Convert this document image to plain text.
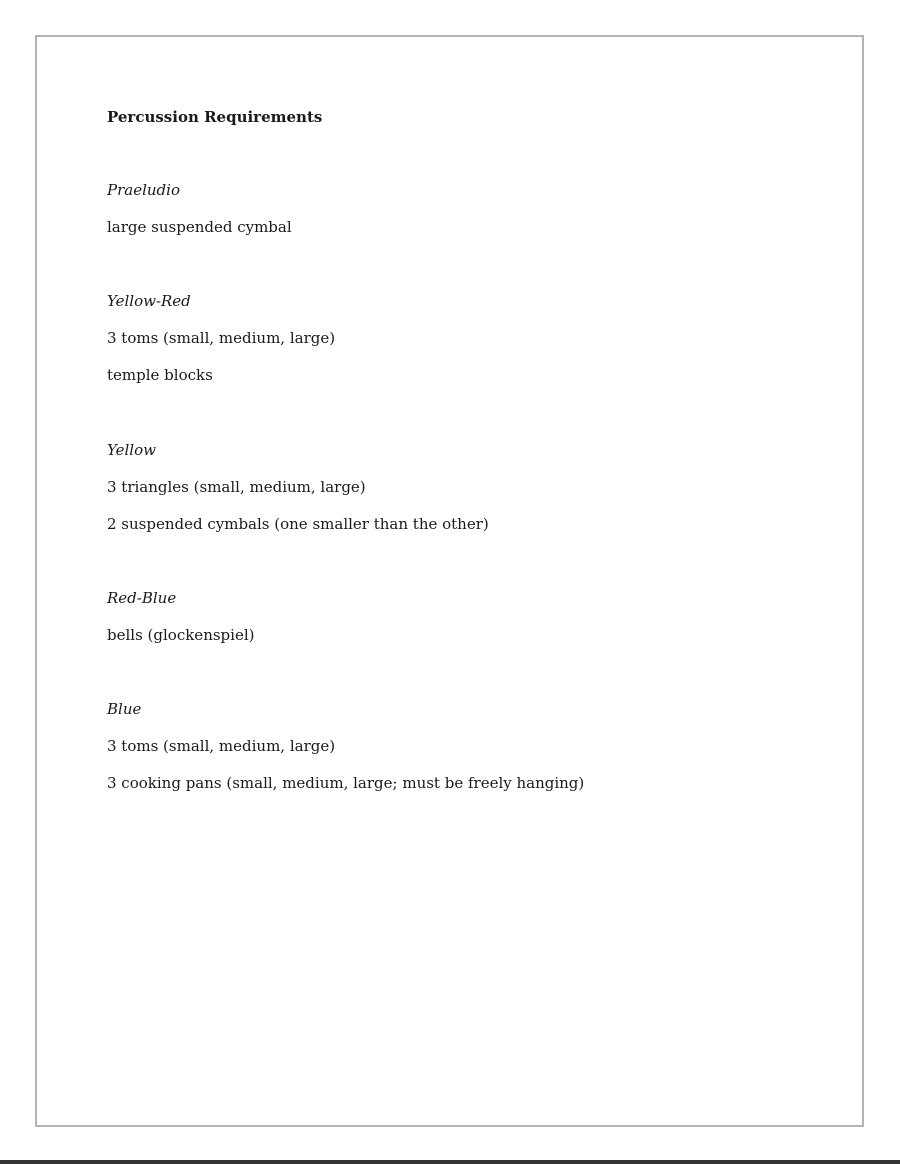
Percussion Requirements

Praeludio

large suspended cymbal

Yellow-Red

3 toms (small, medium, large)
temple blocks

Yellow

3 triangles (small, medium, large)
2 suspended cymbals (one smaller than the other)

Red-Blue

bells (glockenspiel)

Blue

3 toms (small, medium, large)
3 cooking pans (small, medium, large; must be freely hanging)
